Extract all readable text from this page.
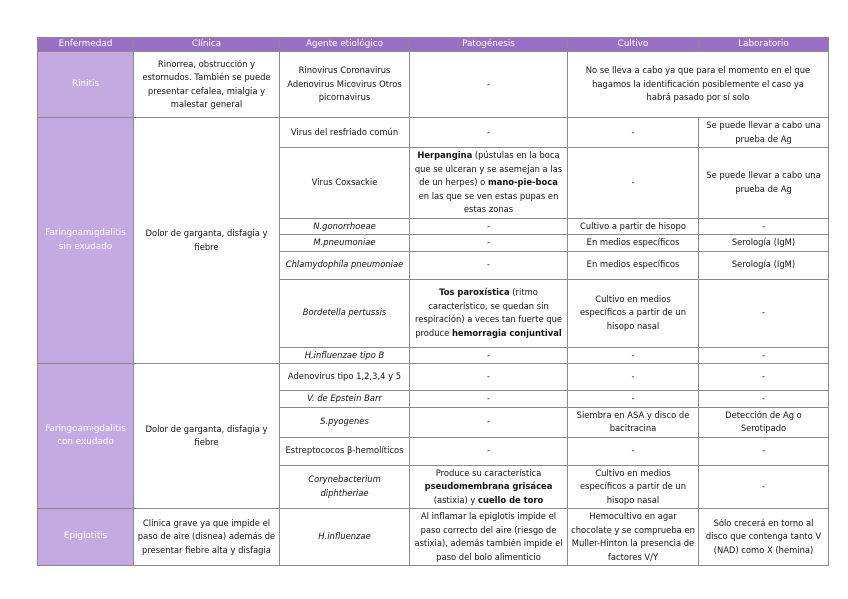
Enfermedad	Clínica	Agente etiológico	Patogénesis	Cultivo	Laboratorio
Rinitis	Rinorrea, obstrucción y estornudos. También se puede presentar cefalea, mialgia y malestar general	Rinovirus Coronavirus Adenovirus Micovirus Otros picornavirus	-	No se lleva a cabo ya que para el momento en el que hagamos la identificación posiblemente el caso ya habrá pasado por sí solo	
Faringoamigdalitis sin exudado	Dolor de garganta, disfagia y fiebre	Virus del resfriado común	-	-	Se puede llevar a cabo una prueba de Ag
		Virus Coxsackie	Herpangina (pústulas en la boca que se ulceran y se asemejan a las de un herpes) o mano-pie-boca en las que se ven estas pupas en estas zonas	-	Se puede llevar a cabo una prueba de Ag
		N.gonorrhoeae	-	Cultivo a partir de hisopo	-
		M.pneumoniae	-	En medios específicos	Serología (IgM)
		Chlamydophila pneumoniae	-	En medios específicos	Serología (IgM)
		Bordetella pertussis	Tos paroxística (ritmo característico, se quedan sin respiración) a veces tan fuerte que produce hemorragia conjuntival	Cultivo en medios específicos a partir de un hisopo nasal	-
		H.influenzae tipo B	-	-	-
Faringoamigdalitis con exudado	Dolor de garganta, disfagia y fiebre	Adenovirus tipo 1,2,3,4 y 5	-	-	-
		V. de Epstein Barr	-	-	-
		S.pyogenes	-	Siembra en ASA y disco de bacitracina	Detección de Ag o Serotipado
		Estreptococos β-hemolíticos	-	-	-
		Corynebacterium diphtheriae	Produce su característica pseudomembrana grisácea (astixia) y cuello de toro	Cultivo en medios específicos a partir de un hisopo nasal	-
Epiglotitis	Clínica grave ya que impide el paso de aire (disnea) además de presentar fiebre alta y disfagia	H.influenzae	Al inflamar la epiglotis impide el paso correcto del aire (riesgo de astixia), además también impide el paso del bolo alimenticio	Hemocultivo en agar chocolate y se comprueba en Muller-Hinton la presencia de factores V/Y	Sólo crecerá en torno al disco que contenga tanto V (NAD) como X (hemina)
